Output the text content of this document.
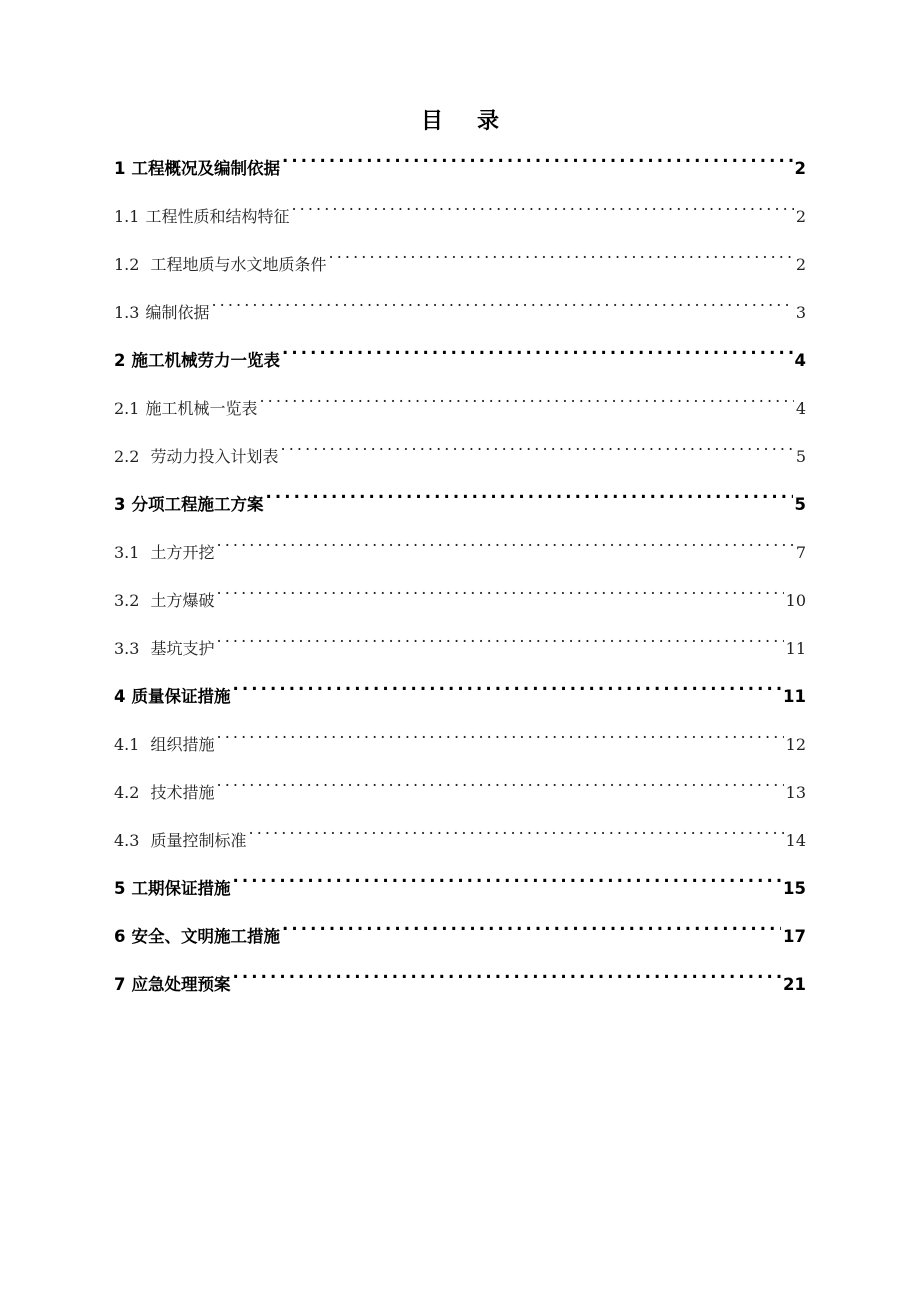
目 录
1 工程概况及编制依据 .....	2
1.1 工程性质和结构特征 .....	2
1.2 工程地质与水文地质条件 .....	2
1.3 编制依据 .....	3
2 施工机械劳力一览表 .....	4
2.1 施工机械一览表 .....	4
2.2 劳动力投入计划表 .....	5
3 分项工程施工方案 .....	5
3.1 土方开挖 .....	7
3.2 土方爆破 .....	10
3.3 基坑支护 .....	11
4 质量保证措施 .....	11
4.1 组织措施 .....	12
4.2 技术措施 .....	13
4.3 质量控制标准 .....	14
5 工期保证措施 .....	15
6 安全、文明施工措施 .....	17
7 应急处理预案 .....	21
